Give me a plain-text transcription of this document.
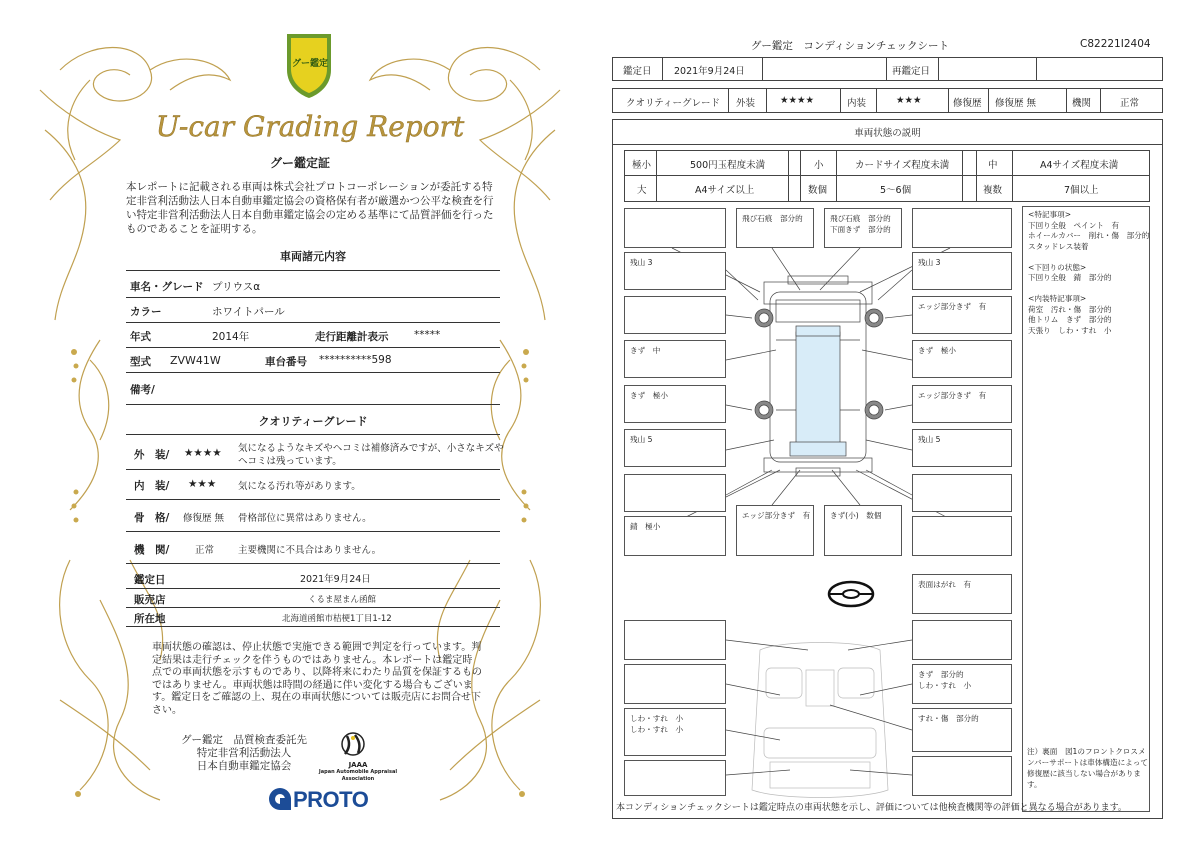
グー鑑定
U-car Grading Report
グー鑑定証
本レポートに記載される車両は株式会社プロトコーポレーションが委託する特定非営利活動法人日本自動車鑑定協会の資格保有者が厳選かつ公平な検査を行い特定非営利活動法人日本自動車鑑定協会の定める基準にて品質評価を行ったものであることを証明する。
車両諸元内容
車名・グレード プリウスα
カラー	ホワイトパール
年式	2014年	走行距離計表示 *****
型式 ZVW41W	車台番号 **********598
備考/
クオリティーグレード
外　装/ ★★★★ 気になるようなキズやヘコミは補修済みですが、小さなキズや
ヘコミは残っています。
内　装/ ★★★ 気になる汚れ等があります。
骨　格/ 修復歴 無 骨格部位に異常はありません。
機　関/	正常	主要機関に不具合はありません。
鑑定日	2021年9月24日
販売店	くるま屋まん函館
所在地	北海道函館市桔梗1丁目1-12
車両状態の確認は、停止状態で実施できる範囲で判定を行っています。判定結果は走行チェックを伴うものではありません。本レポートは鑑定時点での車両状態を示すものであり、以降将来にわたり品質を保証するものではありません。車両状態は時間の経過に伴い変化する場合もございます。鑑定日をご確認の上、現在の車両状態については販売店にお問合せ下さい。
グー鑑定　品質検査委託先
特定非営利活動法人
日本自動車鑑定協会	JAAA
Japan Automobile Appraisal Association
PROTO
グー鑑定　コンディションチェックシート	C82221I2404
鑑定日 2021年9月24日	再鑑定日
クオリティーグレード 外装	★★★★	内装	★★★	修復歴 修復歴 無	機関	正常
車両状態の説明
極小	500円玉程度未満	小	カードサイズ程度未満	中	A4サイズ程度未満
大	A4サイズ以上	数個	5～6個	複数	7個以上
飛び石痕　部分的	飛び石痕　部分的
下面きず　部分的
残山 3	残山 3
エッジ部分きず　有
きず　中	きず　極小
きず　極小	エッジ部分きず　有
残山 5	残山 5
錆　極小
エッジ部分きず　有	きず(小)　数個
表面はがれ　有
きず　部分的
しわ・すれ　小
しわ・すれ　小
しわ・すれ　小
すれ・傷　部分的
<特記事項>
下回り全般　ペイント　有
ホイールカバー　削れ・傷　部分的
スタッドレス装着

<下回りの状態>
下回り全般　錆　部分的

<内装特記事項>
荷室　汚れ・傷　部分的
他トリム　きず　部分的
天張り　しわ・すれ　小
注）裏面　図1のフロントクロスメンバーサポートは車体構造によって修復歴に該当しない場合があります。
本コンディションチェックシートは鑑定時点の車両状態を示し、評価については他検査機関等の評価と異なる場合があります。
